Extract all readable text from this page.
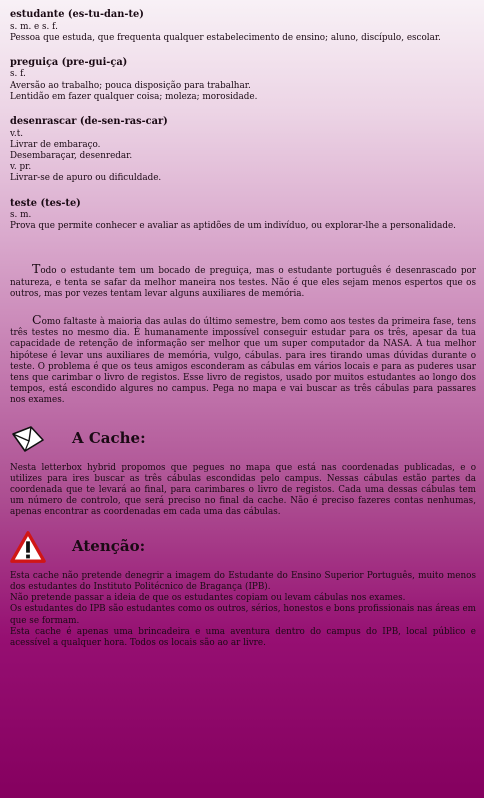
estudante (es-tu-dan-te)
s. m. e s. f.
Pessoa que estuda, que frequenta qualquer estabelecimento de ensino; aluno, discípulo, escolar.
preguiça (pre-gui-ça)
s. f.
Aversão ao trabalho; pouca disposição para trabalhar.
Lentidão em fazer qualquer coisa; moleza; morosidade.
desenrascar (de-sen-ras-car)
v.t.
Livrar de embaraço.
Desembaraçar, desenredar.
v. pr.
Livrar-se de apuro ou dificuldade.
teste (tes-te)
s. m.
Prova que permite conhecer e avaliar as aptidões de um indivíduo, ou explorar-lhe a personalidade.

Todo o estudante tem um bocado de preguiça, mas o estudante português é desenrascado por natureza, e tenta se safar da melhor maneira nos testes. Não é que eles sejam menos espertos que os outros, mas por vezes tentam levar alguns auxiliares de memória.

Como faltaste à maioria das aulas do último semestre, bem como aos testes da primeira fase, tens três testes no mesmo dia. É humanamente impossível conseguir estudar para os três, apesar da tua capacidade de retenção de informação ser melhor que um super computador da NASA. A tua melhor hipótese é levar uns auxiliares de memória, vulgo, cábulas. para ires tirando umas dúvidas durante o teste. O problema é que os teus amigos esconderam as cábulas em vários locais e para as puderes usar tens que carimbar o livro de registos. Esse livro de registos, usado por muitos estudantes ao longo dos tempos, está escondido algures no campus. Pega no mapa e vai buscar as três cábulas para passares nos exames.

A Cache:
Nesta letterbox hybrid propomos que pegues no mapa que está nas coordenadas publicadas, e o utilizes para ires buscar as três cábulas escondidas pelo campus. Nessas cábulas estão partes da coordenada que te levará ao final, para carimbares o livro de registos. Cada uma dessas cábulas tem um número de controlo, que será preciso no final da cache. Não é preciso fazeres contas nenhumas, apenas encontrar as coordenadas em cada uma das cábulas.
Atenção:
Esta cache não pretende denegrir a imagem do Estudante do Ensino Superior Português, muito menos dos estudantes do Instituto Politécnico de Bragança (IPB).
Não pretende passar a ideia de que os estudantes copiam ou levam cábulas nos exames.
Os estudantes do IPB são estudantes como os outros, sérios, honestos e bons profissionais nas áreas em que se formam.
Esta cache é apenas uma brincadeira e uma aventura dentro do campus do IPB, local público e acessível a qualquer hora. Todos os locais são ao ar livre.
